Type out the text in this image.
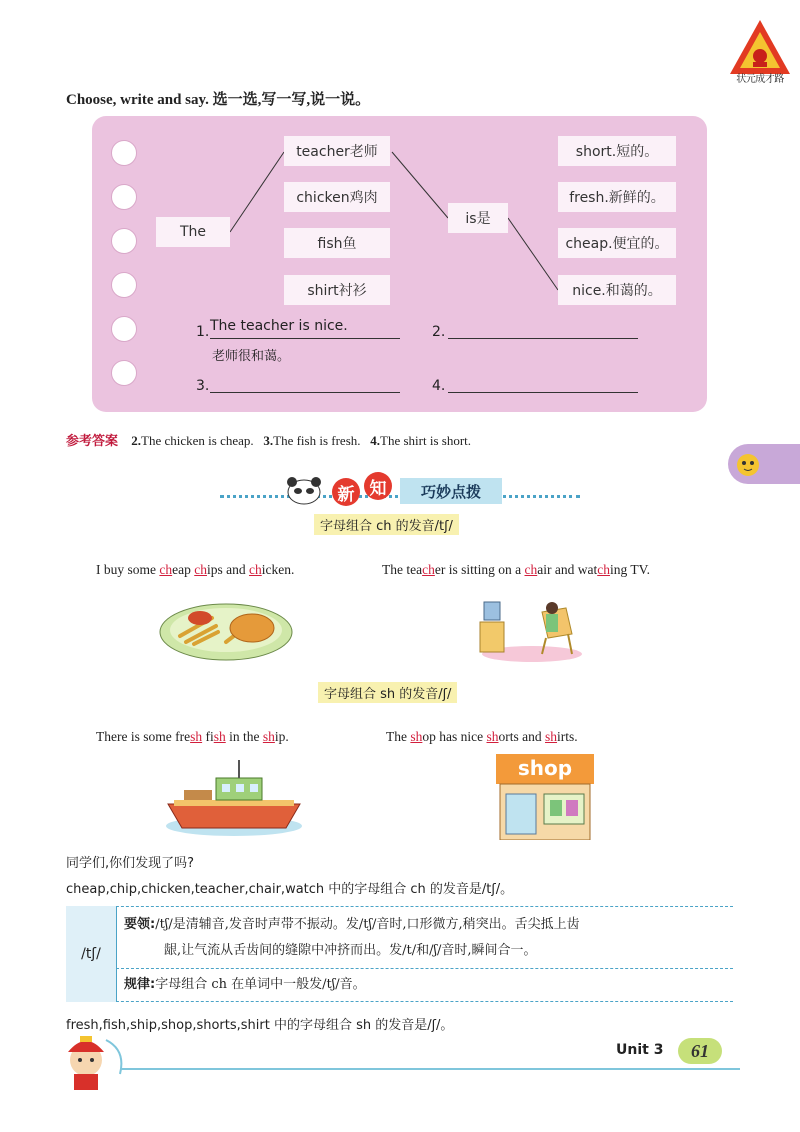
状元成才路
Choose, write and say. 选一选,写一写,说一说。
The
teacher老师
chicken鸡肉
fish鱼
shirt衬衫
is是
short.短的。
fresh.新鲜的。
cheap.便宜的。
nice.和蔼的。
1. The teacher is nice.
老师很和蔼。
2.
3.	4.
参考答案 2.The chicken is cheap. 3.The fish is fresh. 4.The shirt is short.
新 知	巧妙点拨
字母组合 ch 的发音/tʃ/
I buy some cheap chips and chicken.	The teacher is sitting on a chair and watching TV.
字母组合 sh 的发音/ʃ/
There is some fresh fish in the ship.	The shop has nice shorts and shirts.
shop
同学们,你们发现了吗?
cheap,chip,chicken,teacher,chair,watch 中的字母组合 ch 的发音是/tʃ/。
/tʃ/
要领:/tʃ/是清辅音,发音时声带不振动。发/tʃ/音时,口形微方,稍突出。舌尖抵上齿
龈,让气流从舌齿间的缝隙中冲挤而出。发/t/和/ʃ/音时,瞬间合一。
规律:字母组合 ch 在单词中一般发/tʃ/音。
fresh,fish,ship,shop,shorts,shirt 中的字母组合 sh 的发音是/ʃ/。
Unit 3	61
